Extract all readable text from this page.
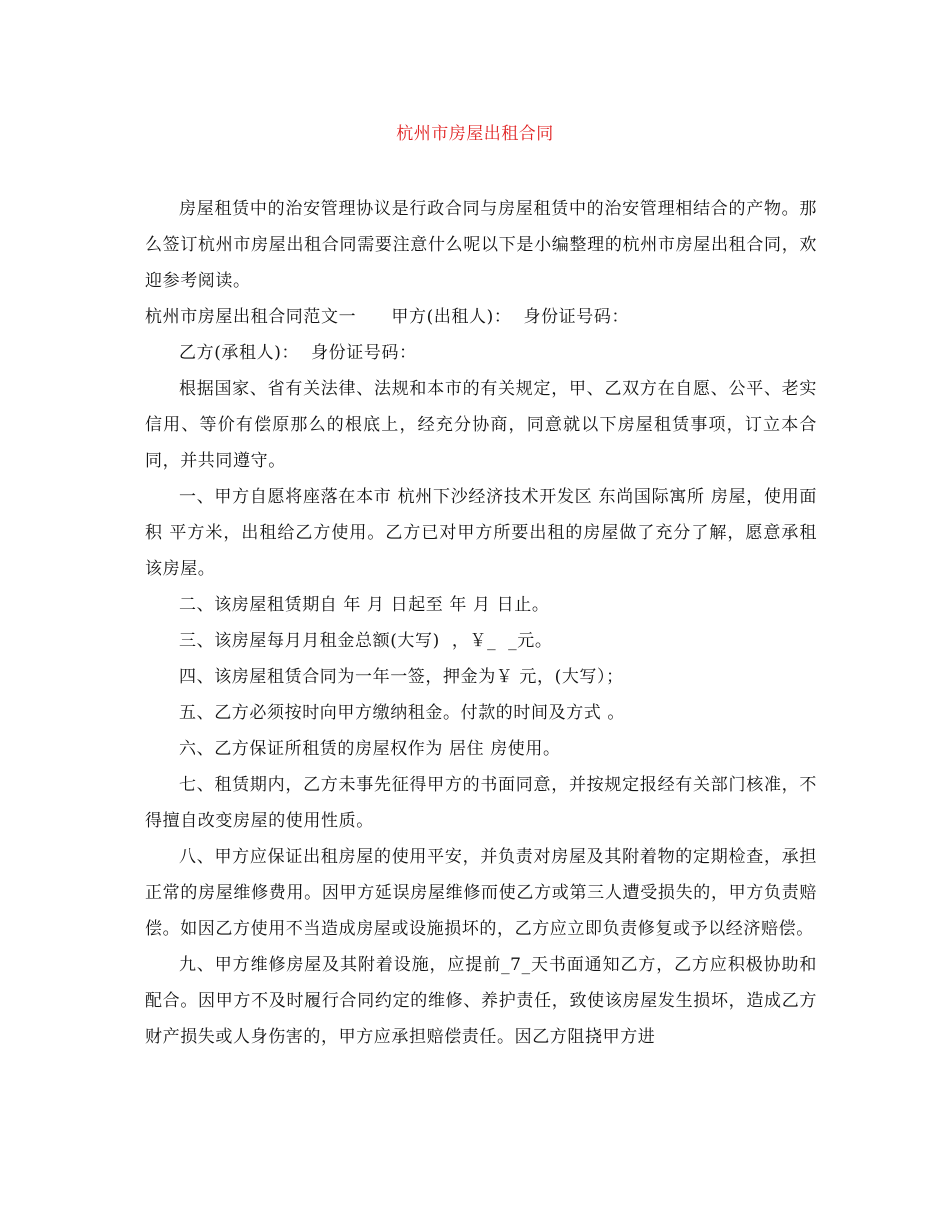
杭州市房屋出租合同

房屋租赁中的治安管理协议是行政合同与房屋租赁中的治安管理相结合的产物。那么签订杭州市房屋出租合同需要注意什么呢以下是小编整理的杭州市房屋出租合同，欢迎参考阅读。

杭州市房屋出租合同范文一　　甲方(出租人)：  身份证号码：

乙方(承租人)：  身份证号码：

根据国家、省有关法律、法规和本市的有关规定，甲、乙双方在自愿、公平、老实信用、等价有偿原那么的根底上，经充分协商，同意就以下房屋租赁事项，订立本合同，并共同遵守。

一、甲方自愿将座落在本市 杭州下沙经济技术开发区 东尚国际寓所 房屋，使用面积 平方米，出租给乙方使用。乙方已对甲方所要出租的房屋做了充分了解，愿意承租该房屋。

二、该房屋租赁期自 年 月 日起至 年 月 日止。

三、该房屋每月月租金总额(大写)  ，￥_  _元。

四、该房屋租赁合同为一年一签，押金为￥ 元，(大写）；

五、乙方必须按时向甲方缴纳租金。付款的时间及方式 。

六、乙方保证所租赁的房屋权作为 居住 房使用。

七、租赁期内，乙方未事先征得甲方的书面同意，并按规定报经有关部门核准，不得擅自改变房屋的使用性质。

八、甲方应保证出租房屋的使用平安，并负责对房屋及其附着物的定期检查，承担正常的房屋维修费用。因甲方延误房屋维修而使乙方或第三人遭受损失的，甲方负责赔偿。如因乙方使用不当造成房屋或设施损坏的，乙方应立即负责修复或予以经济赔偿。

九、甲方维修房屋及其附着设施，应提前_7_天书面通知乙方，乙方应积极协助和配合。因甲方不及时履行合同约定的维修、养护责任，致使该房屋发生损坏，造成乙方财产损失或人身伤害的，甲方应承担赔偿责任。因乙方阻挠甲方进
